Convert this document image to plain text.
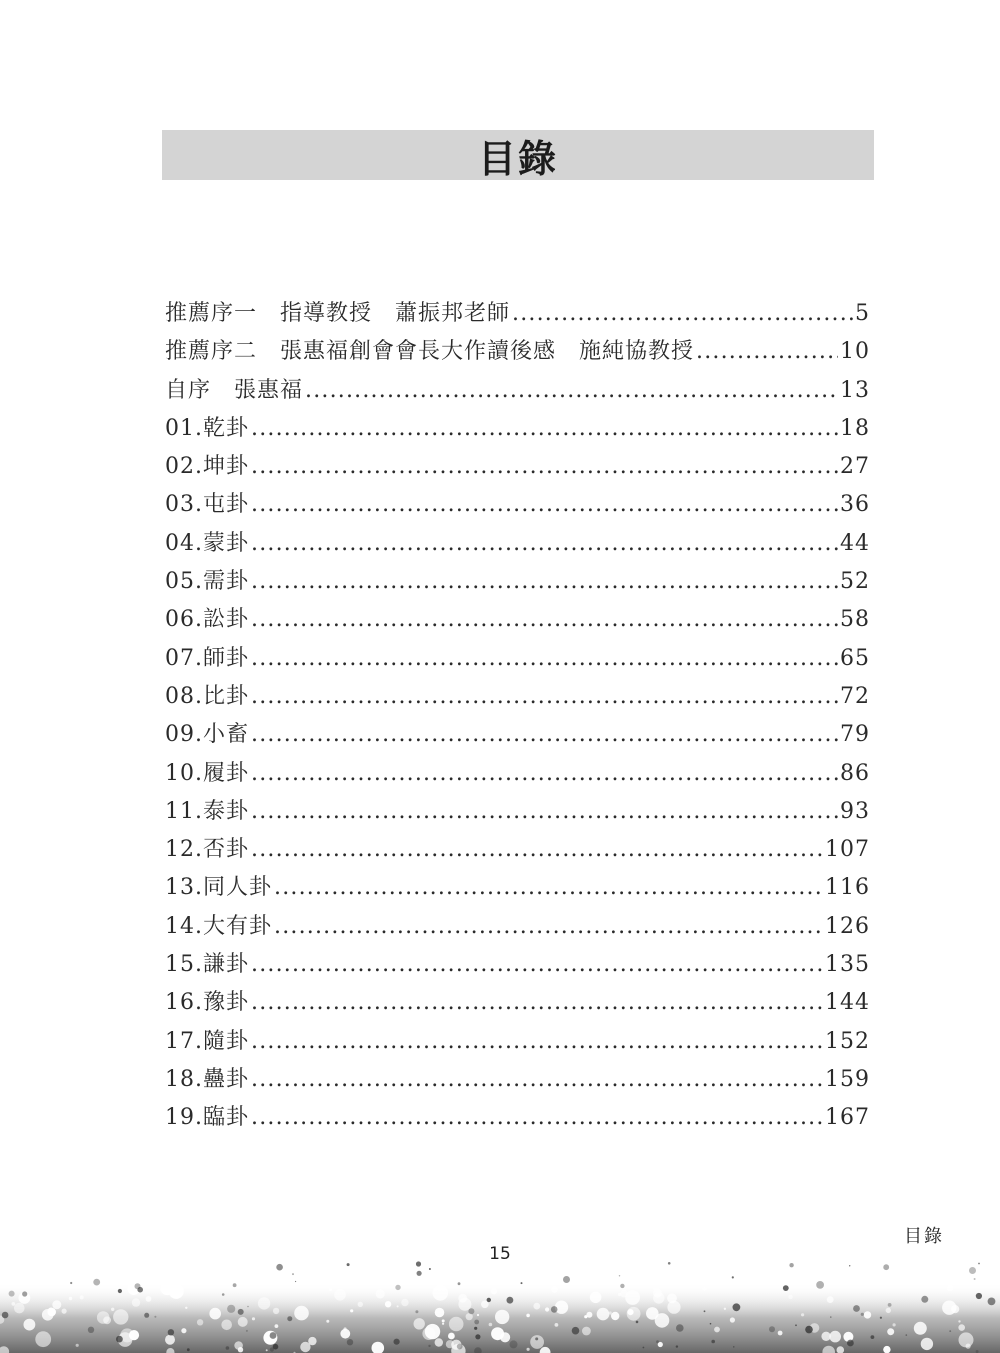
目錄
推薦序一　指導教授　蕭振邦老師 .....	5
推薦序二　張惠福創會會長大作讀後感　施純協教授 .....	10
自序　張惠福 .....	13
01.乾卦 .....	18
02.坤卦 .....	27
03.屯卦 .....	36
04.蒙卦 .....	44
05.需卦 .....	52
06.訟卦 .....	58
07.師卦 .....	65
08.比卦 .....	72
09.小畜 .....	79
10.履卦 .....	86
11.泰卦 .....	93
12.否卦 .....	107
13.同人卦 .....	116
14.大有卦 .....	126
15.謙卦 .....	135
16.豫卦 .....	144
17.隨卦 .....	152
18.蠱卦 .....	159
19.臨卦 .....	167
目錄
15
